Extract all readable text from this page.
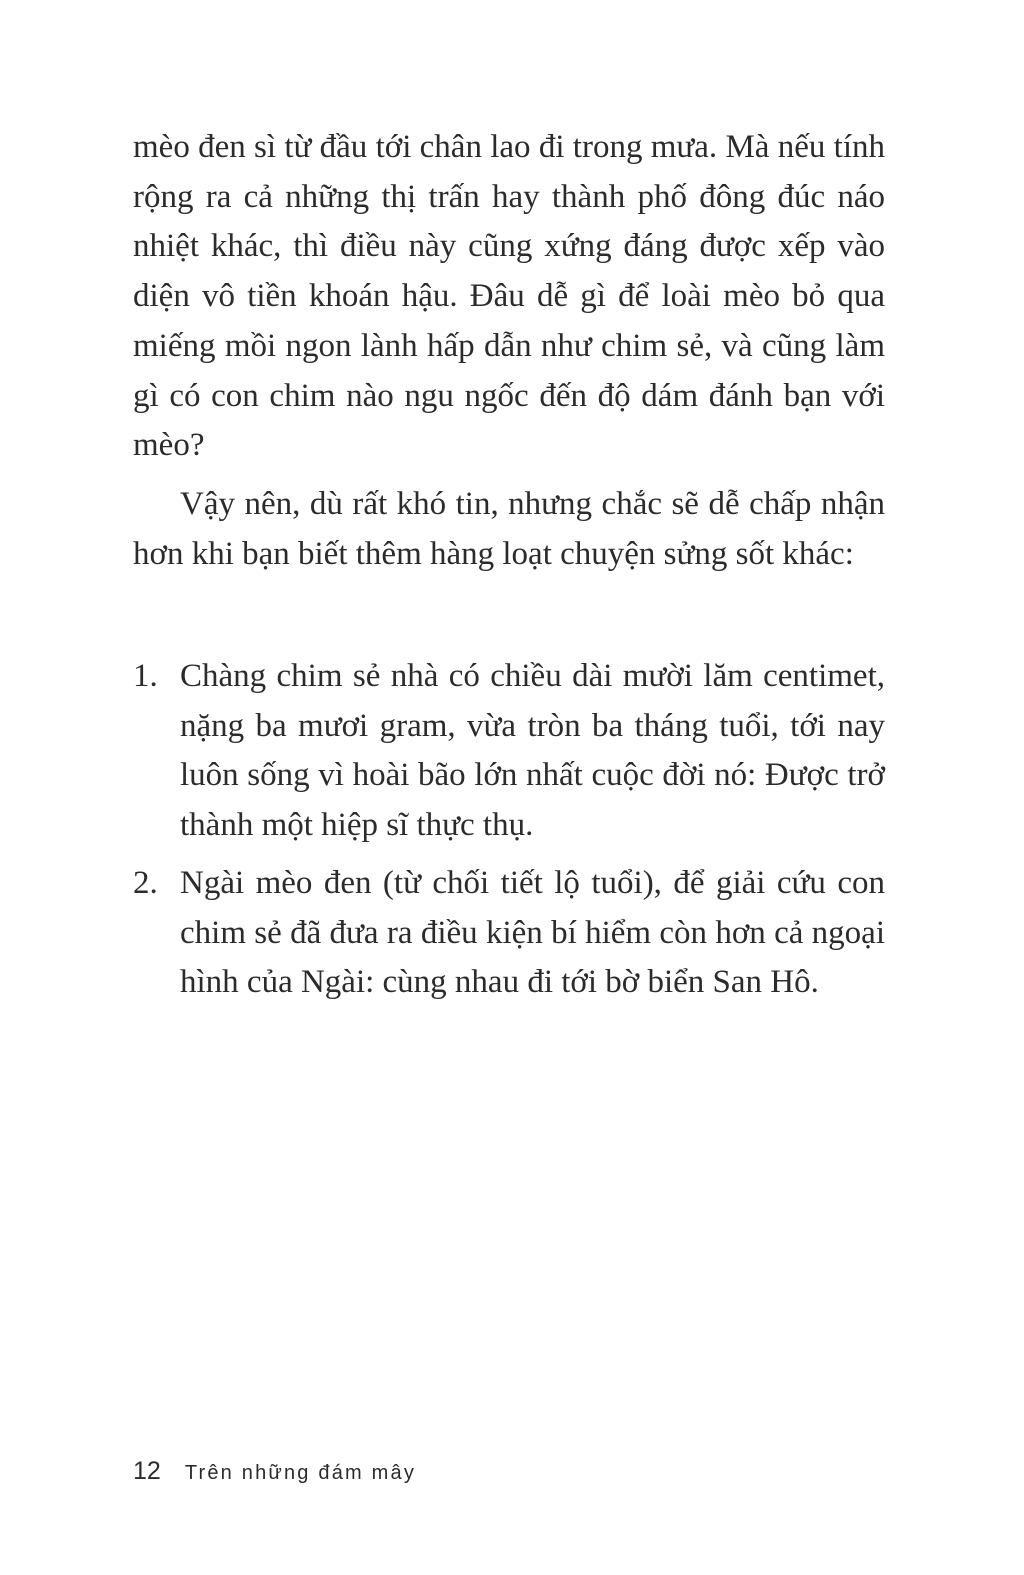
mèo đen sì từ đầu tới chân lao đi trong mưa. Mà nếu tính rộng ra cả những thị trấn hay thành phố đông đúc náo nhiệt khác, thì điều này cũng xứng đáng được xếp vào diện vô tiền khoán hậu. Đâu dễ gì để loài mèo bỏ qua miếng mồi ngon lành hấp dẫn như chim sẻ, và cũng làm gì có con chim nào ngu ngốc đến độ dám đánh bạn với mèo?

Vậy nên, dù rất khó tin, nhưng chắc sẽ dễ chấp nhận hơn khi bạn biết thêm hàng loạt chuyện sửng sốt khác:

1. Chàng chim sẻ nhà có chiều dài mười lăm centimet, nặng ba mươi gram, vừa tròn ba tháng tuổi, tới nay luôn sống vì hoài bão lớn nhất cuộc đời nó: Được trở thành một hiệp sĩ thực thụ.
2. Ngài mèo đen (từ chối tiết lộ tuổi), để giải cứu con chim sẻ đã đưa ra điều kiện bí hiểm còn hơn cả ngoại hình của Ngài: cùng nhau đi tới bờ biển San Hô.
12 Trên những đám mây
